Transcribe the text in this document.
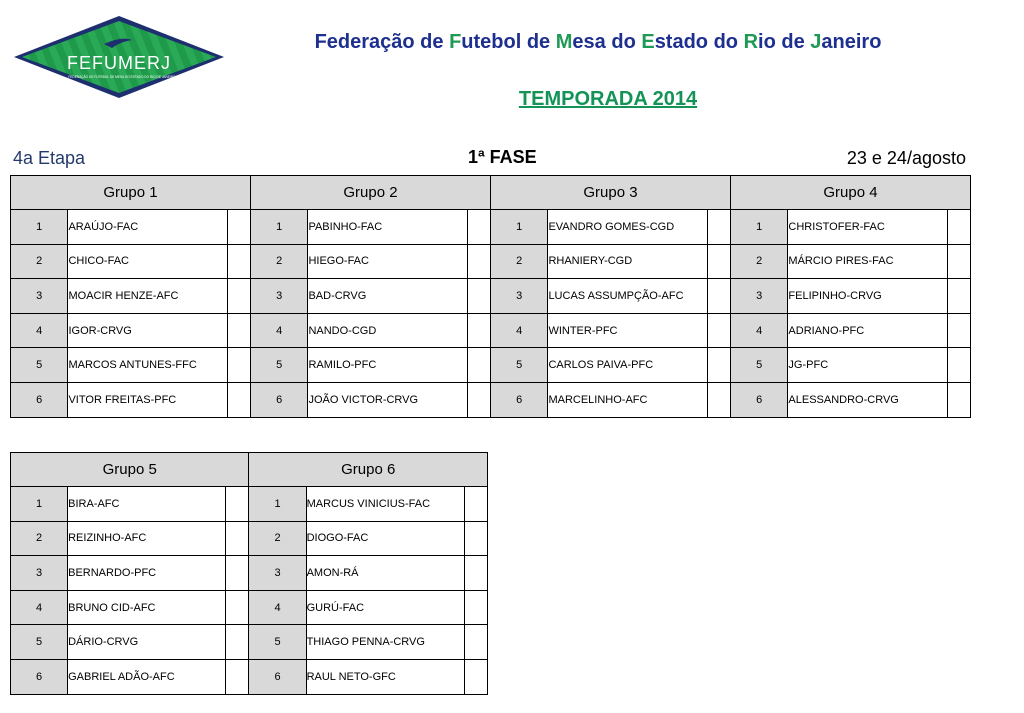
FEFUMERJ
FEDERAÇÃO DE FUTEBOL DE MESA DO ESTADO DO RIO DE JANEIRO
Federação de Futebol de Mesa do Estado do Rio de Janeiro
TEMPORADA 2014
4a Etapa	1ª FASE	23 e 24/agosto
Grupo 1			Grupo 2			Grupo 3			Grupo 4		
1	ARAÚJO-FAC		1	PABINHO-FAC		1	EVANDRO GOMES-CGD		1	CHRISTOFER-FAC	
2	CHICO-FAC		2	HIEGO-FAC		2	RHANIERY-CGD		2	MÁRCIO PIRES-FAC	
3	MOACIR HENZE-AFC		3	BAD-CRVG		3	LUCAS ASSUMPÇÃO-AFC		3	FELIPINHO-CRVG	
4	IGOR-CRVG		4	NANDO-CGD		4	WINTER-PFC		4	ADRIANO-PFC	
5	MARCOS ANTUNES-FFC		5	RAMILO-PFC		5	CARLOS PAIVA-PFC		5	JG-PFC	
6	VITOR FREITAS-PFC		6	JOÃO VICTOR-CRVG		6	MARCELINHO-AFC		6	ALESSANDRO-CRVG	
Grupo 5			Grupo 6		
1	BIRA-AFC		1	MARCUS VINICIUS-FAC	
2	REIZINHO-AFC		2	DIOGO-FAC	
3	BERNARDO-PFC		3	AMON-RÁ	
4	BRUNO CID-AFC		4	GURÚ-FAC	
5	DÁRIO-CRVG		5	THIAGO PENNA-CRVG	
6	GABRIEL ADÃO-AFC		6	RAUL NETO-GFC	
